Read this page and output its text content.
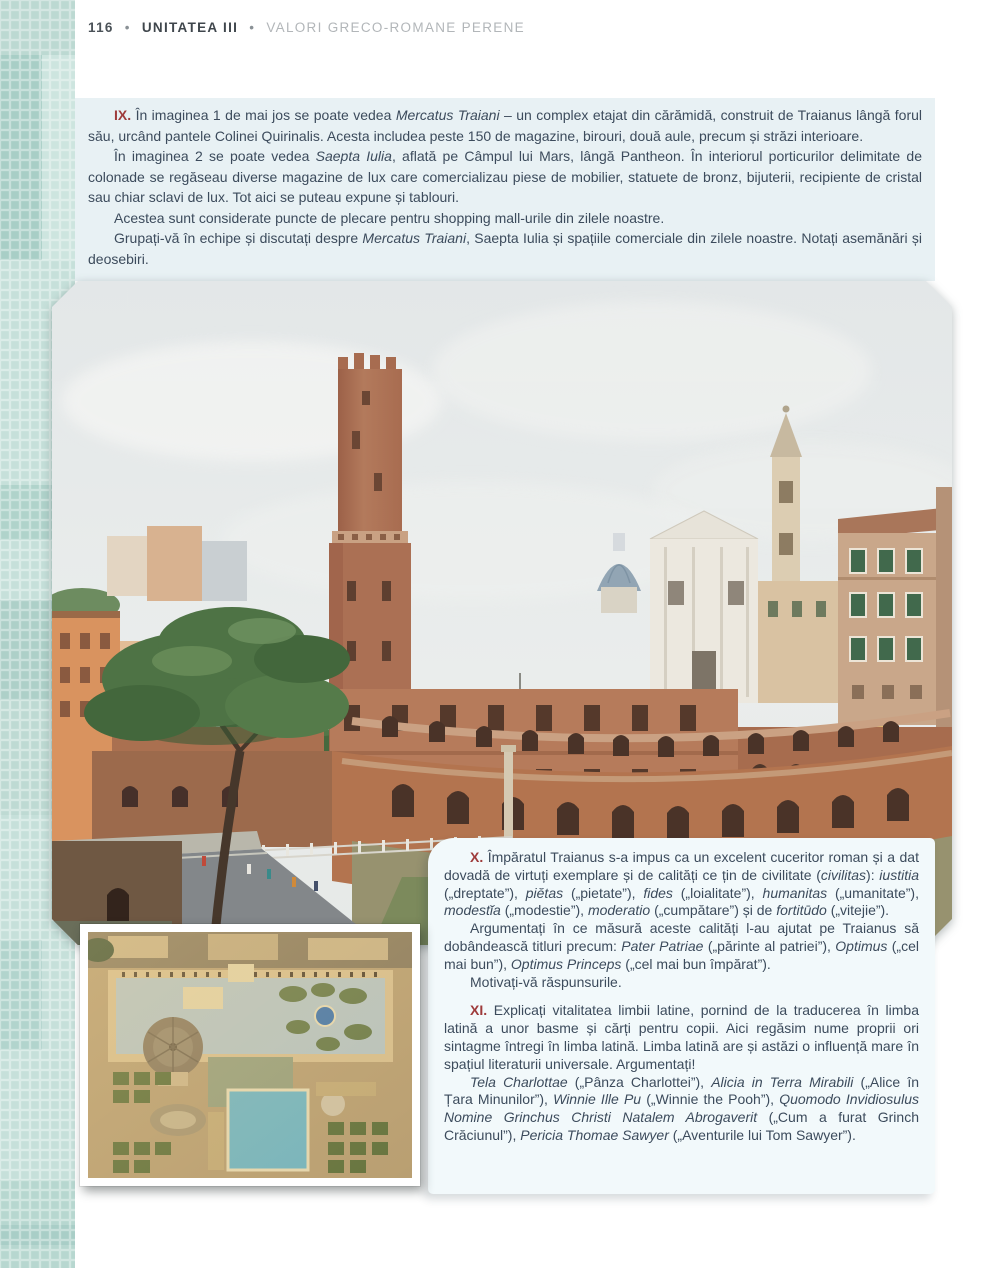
116 • UNITATEA III • VALORI GRECO-ROMANE PERENE
IX. În imaginea 1 de mai jos se poate vedea Mercatus Traiani – un complex etajat din cărămidă, construit de Traianus lângă forul său, urcând pantele Colinei Quirinalis. Acesta includea peste 150 de magazine, birouri, două aule, precum și străzi interioare.
În imaginea 2 se poate vedea Saepta Iulia, aflată pe Câmpul lui Mars, lângă Pantheon. În interiorul porticurilor delimitate de colonade se regăseau diverse magazine de lux care comercializau piese de mobilier, statuete de bronz, bijuterii, recipiente de cristal sau chiar sclavi de lux. Tot aici se puteau expune și tablouri.
Acestea sunt considerate puncte de plecare pentru shopping mall-urile din zilele noastre.
Grupați-vă în echipe și discutați despre Mercatus Traiani, Saepta Iulia și spațiile comerciale din zilele noastre. Notați asemănări și deosebiri.
X. Împăratul Traianus s-a impus ca un excelent cuceritor roman și a dat dovadă de virtuți exemplare și de calități ce țin de civilitate (civilitas): iustitia („dreptate”), piĕtas („pietate”), fides („loialitate”), humanitas („umanitate”), modestĭa („modestie”), moderatio („cumpătare”) și de fortitūdo („vitejie”).
Argumentați în ce măsură aceste calități l-au ajutat pe Traianus să dobândească titluri precum: Pater Patriae („părinte al patriei”), Optimus („cel mai bun”), Optimus Princeps („cel mai bun împărat”).
Motivați-vă răspunsurile.
XI. Explicați vitalitatea limbii latine, pornind de la traducerea în limba latină a unor basme și cărți pentru copii. Aici regăsim nume proprii ori sintagme întregi în limba latină. Limba latină are și astăzi o influență mare în spațiul literaturii universale. Argumentați!
Tela Charlottae („Pânza Charlottei”), Alicia in Terra Mirabili („Alice în Țara Minunilor”), Winnie Ille Pu („Winnie the Pooh”), Quomodo Invidiosulus Nomine Grinchus Christi Natalem Abrogaverit („Cum a furat Grinch Crăciunul”), Pericia Thomae Sawyer („Aventurile lui Tom Sawyer”).
